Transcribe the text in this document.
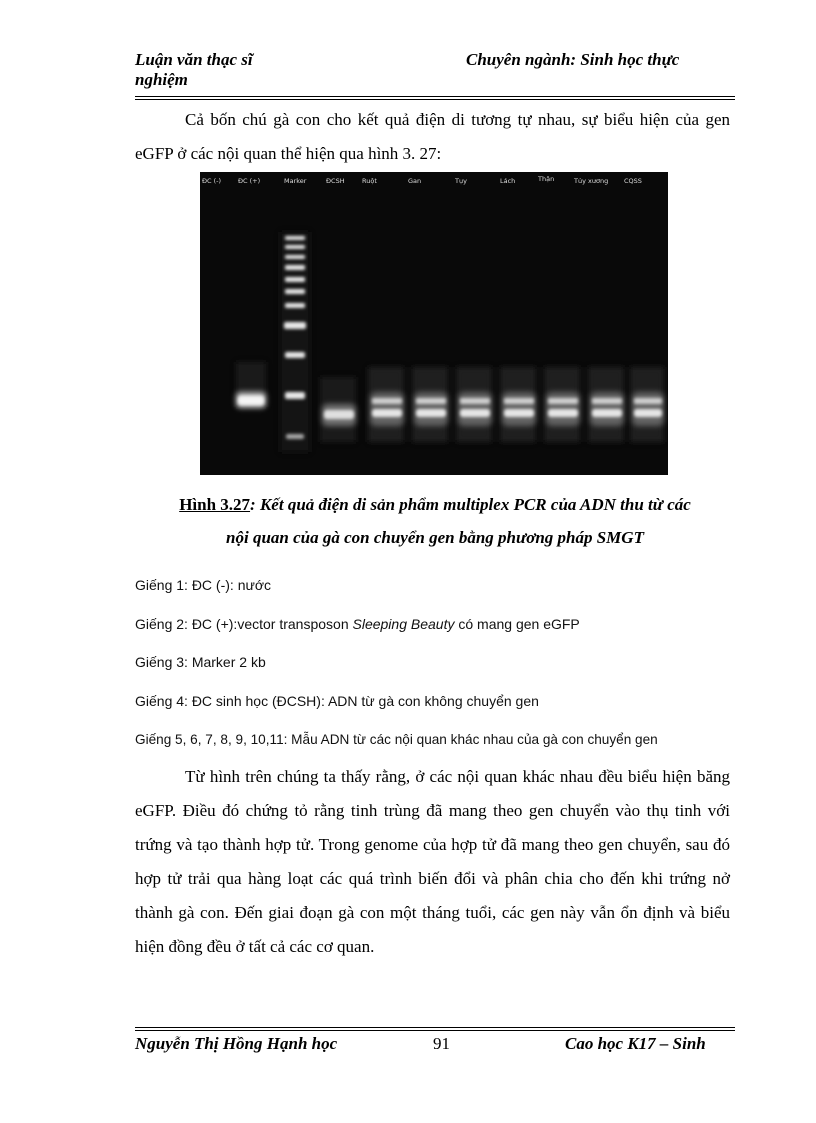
Luận văn thạc sĩ nghiệm
Chuyên ngành: Sinh học thực

Cả bốn chú gà con cho kết quả điện di tương tự nhau, sự biểu hiện của gen eGFP ở các nội quan thể hiện qua hình 3. 27:

ĐC (-)	ĐC (+)	Marker	ĐCSH	Ruột	Gan	Tụy	Lách	Thận	Tủy xương CQSS
Hình 3.27: Kết quả điện di sản phẩm multiplex PCR của ADN thu từ các
nội quan của gà con chuyển gen bằng phương pháp SMGT
Giếng 1: ĐC (-): nước
Giếng 2: ĐC (+):vector transposon Sleeping Beauty có mang gen eGFP
Giếng 3: Marker 2 kb
Giếng 4: ĐC sinh học (ĐCSH): ADN từ gà con không chuyển gen
Giếng 5, 6, 7, 8, 9, 10,11: Mẫu ADN từ các nội quan khác nhau của gà con chuyển gen

Từ hình trên chúng ta thấy rằng, ở các nội quan khác nhau đều biểu hiện băng eGFP. Điều đó chứng tỏ rằng tinh trùng đã mang theo gen chuyển vào thụ tinh với trứng và tạo thành hợp tử. Trong genome của hợp tử đã mang theo gen chuyển, sau đó hợp tử trải qua hàng loạt các quá trình biến đổi và phân chia cho đến khi trứng nở thành gà con. Đến giai đoạn gà con một tháng tuổi, các gen này vẫn ổn định và biểu hiện đồng đều ở tất cả các cơ quan.

Nguyễn Thị Hồng Hạnh học	91	Cao học K17 – Sinh
